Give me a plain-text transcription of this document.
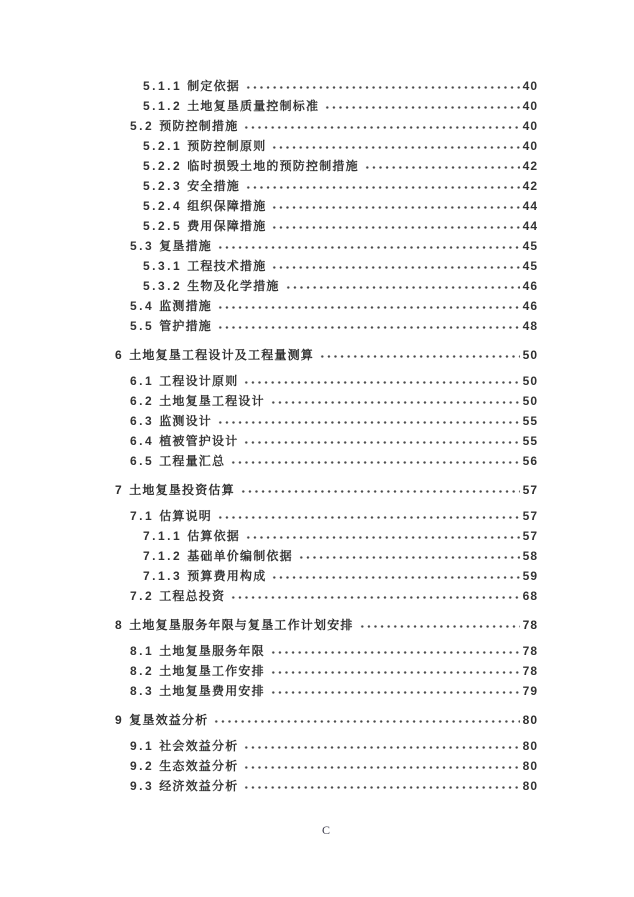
5.1.1 制定依据	40
5.1.2 土地复垦质量控制标准	40
5.2 预防控制措施	40
5.2.1 预防控制原则	40
5.2.2 临时损毁土地的预防控制措施	42
5.2.3 安全措施	42
5.2.4 组织保障措施	44
5.2.5 费用保障措施	44
5.3 复垦措施	45
5.3.1 工程技术措施	45
5.3.2 生物及化学措施	46
5.4 监测措施	46
5.5 管护措施	48
6 土地复垦工程设计及工程量测算	50
6.1 工程设计原则	50
6.2 土地复垦工程设计	50
6.3 监测设计	55
6.4 植被管护设计	55
6.5 工程量汇总	56
7 土地复垦投资估算	57
7.1 估算说明	57
7.1.1 估算依据	57
7.1.2 基础单价编制依据	58
7.1.3 预算费用构成	59
7.2 工程总投资	68
8 土地复垦服务年限与复垦工作计划安排	78
8.1 土地复垦服务年限	78
8.2 土地复垦工作安排	78
8.3 土地复垦费用安排	79
9 复垦效益分析	80
9.1 社会效益分析	80
9.2 生态效益分析	80
9.3 经济效益分析	80
C
